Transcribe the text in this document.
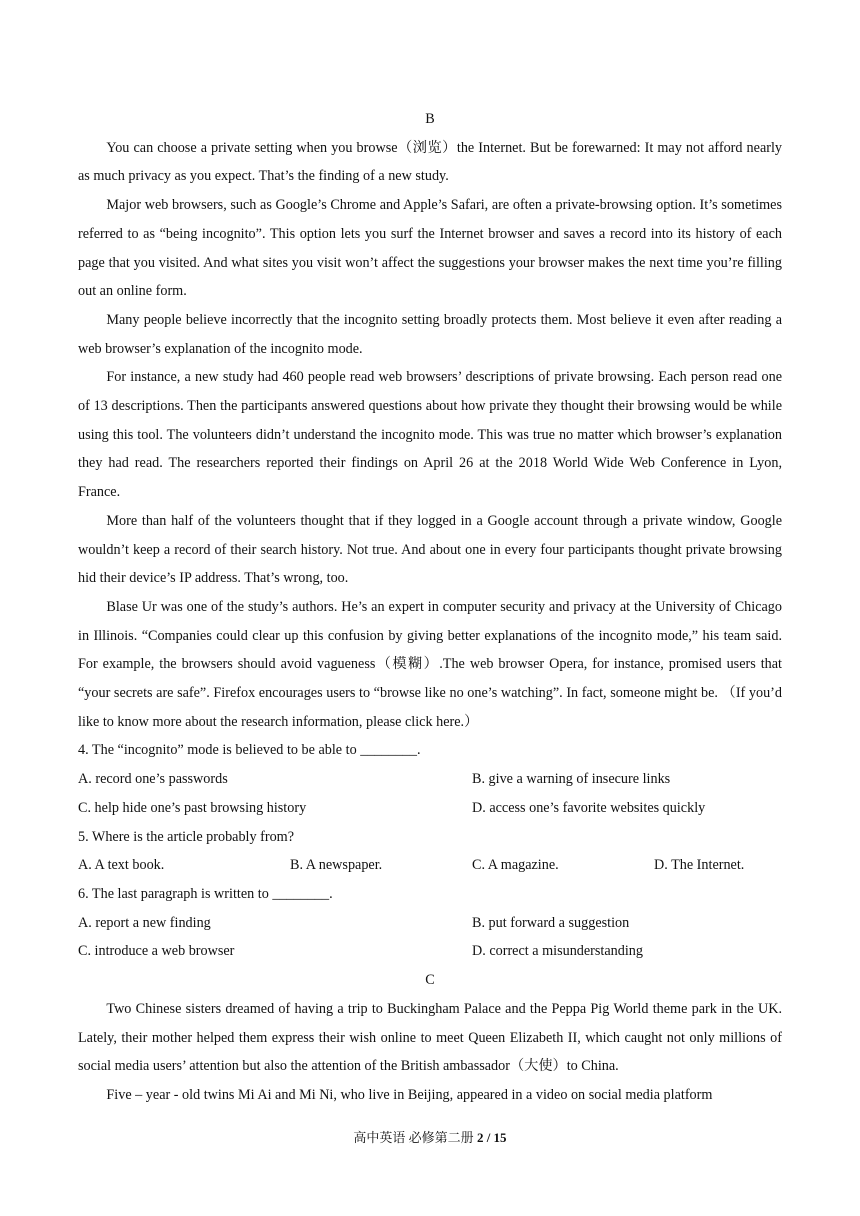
B

You can choose a private setting when you browse（浏览）the Internet. But be forewarned: It may not afford nearly as much privacy as you expect. That’s the finding of a new study.

Major web browsers, such as Google’s Chrome and Apple’s Safari, are often a private-browsing option. It’s sometimes referred to as “being incognito”. This option lets you surf the Internet browser and saves a record into its history of each page that you visited. And what sites you visit won’t affect the suggestions your browser makes the next time you’re filling out an online form.

Many people believe incorrectly that the incognito setting broadly protects them. Most believe it even after reading a web browser’s explanation of the incognito mode.

For instance, a new study had 460 people read web browsers’ descriptions of private browsing. Each person read one of 13 descriptions. Then the participants answered questions about how private they thought their browsing would be while using this tool. The volunteers didn’t understand the incognito mode. This was true no matter which browser’s explanation they had read. The researchers reported their findings on April 26 at the 2018 World Wide Web Conference in Lyon, France.

More than half of the volunteers thought that if they logged in a Google account through a private window, Google wouldn’t keep a record of their search history. Not true. And about one in every four participants thought private browsing hid their device’s IP address. That’s wrong, too.

Blase Ur was one of the study’s authors. He’s an expert in computer security and privacy at the University of Chicago in Illinois. “Companies could clear up this confusion by giving better explanations of the incognito mode,” his team said. For example, the browsers should avoid vagueness（模糊）.The web browser Opera, for instance, promised users that “your secrets are safe”. Firefox encourages users to “browse like no one’s watching”. In fact, someone might be. （If you’d like to know more about the research information, please click here.）

4. The “incognito” mode is believed to be able to ________.

A. record one’s passwords	B. give a warning of insecure links
C. help hide one’s past browsing history	D. access one’s favorite websites quickly

5. Where is the article probably from?

A. A text book.	B. A newspaper.	C. A magazine.	D. The Internet.

6. The last paragraph is written to ________.

A. report a new finding	B. put forward a suggestion
C. introduce a web browser	D. correct a misunderstanding
C

Two Chinese sisters dreamed of having a trip to Buckingham Palace and the Peppa Pig World theme park in the UK. Lately, their mother helped them express their wish online to meet Queen Elizabeth II, which caught not only millions of social media users’ attention but also the attention of the British ambassador（大使）to China.

Five – year - old twins Mi Ai and Mi Ni, who live in Beijing, appeared in a video on social media platform

高中英语 必修第二册 2 / 15
